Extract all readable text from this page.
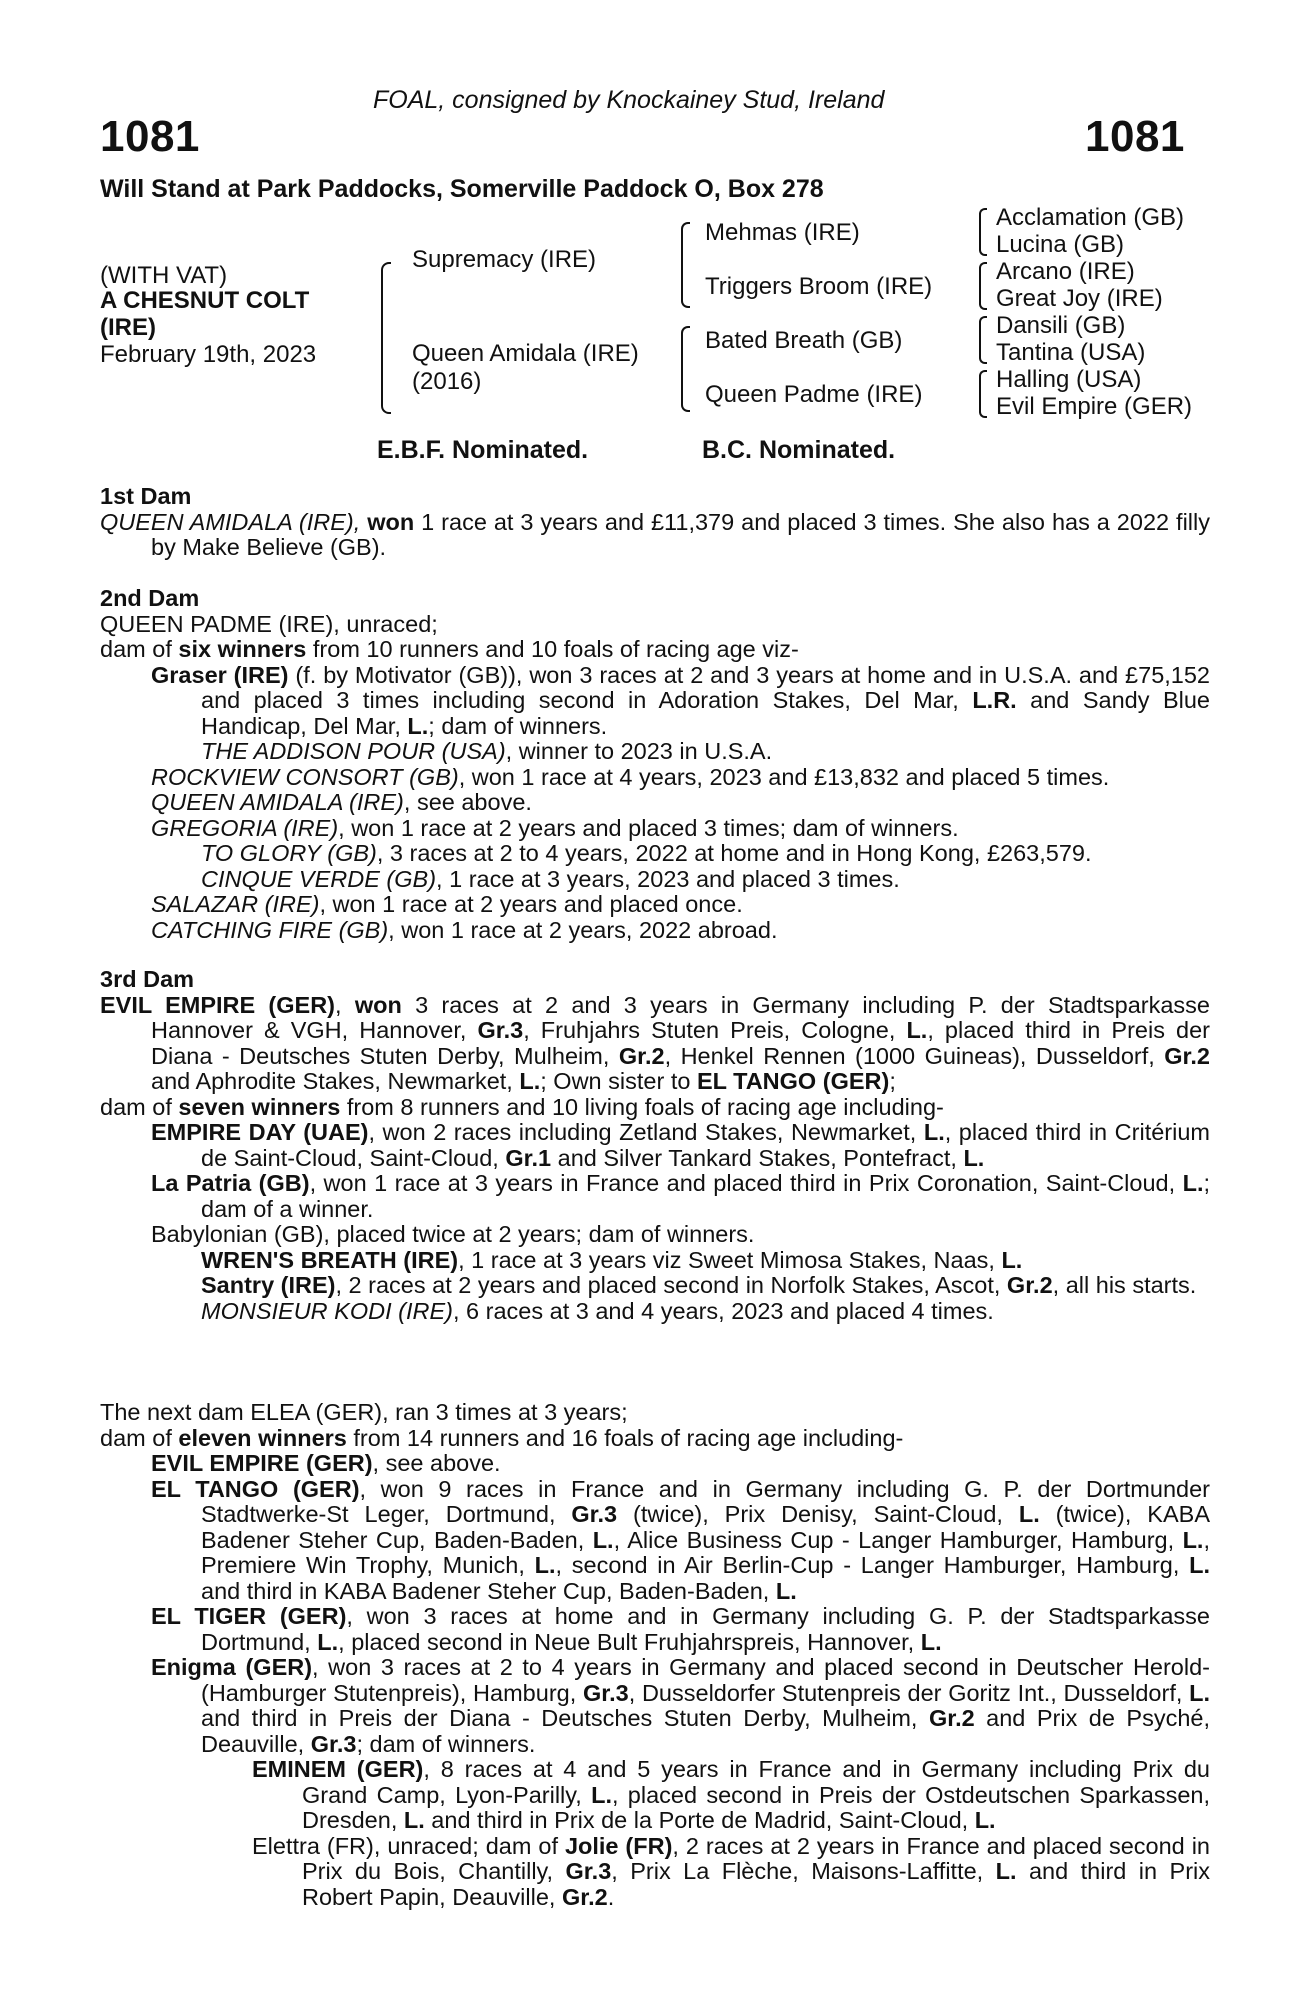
FOAL, consigned by Knockainey Stud, Ireland
1081	1081
Will Stand at Park Paddocks, Somerville Paddock O, Box 278
(WITH VAT)
A CHESNUT COLT
(IRE)
February 19th, 2023
Supremacy (IRE)
Queen Amidala (IRE)
(2016)
Mehmas (IRE)
Triggers Broom (IRE)
Bated Breath (GB)
Queen Padme (IRE)
Acclamation (GB)
Lucina (GB)
Arcano (IRE)
Great Joy (IRE)
Dansili (GB)
Tantina (USA)
Halling (USA)
Evil Empire (GER)
E.B.F. Nominated.	B.C. Nominated.

1st Dam

QUEEN AMIDALA (IRE), won 1 race at 3 years and £11,379 and placed 3 times. She also has a 2022 filly by Make Believe (GB).

2nd Dam

QUEEN PADME (IRE), unraced;

dam of six winners from 10 runners and 10 foals of racing age viz-

Graser (IRE) (f. by Motivator (GB)), won 3 races at 2 and 3 years at home and in U.S.A. and £75,152 and placed 3 times including second in Adoration Stakes, Del Mar, L.R. and Sandy Blue Handicap, Del Mar, L.; dam of winners.

THE ADDISON POUR (USA), winner to 2023 in U.S.A.

ROCKVIEW CONSORT (GB), won 1 race at 4 years, 2023 and £13,832 and placed 5 times.

QUEEN AMIDALA (IRE), see above.

GREGORIA (IRE), won 1 race at 2 years and placed 3 times; dam of winners.

TO GLORY (GB), 3 races at 2 to 4 years, 2022 at home and in Hong Kong, £263,579.

CINQUE VERDE (GB), 1 race at 3 years, 2023 and placed 3 times.

SALAZAR (IRE), won 1 race at 2 years and placed once.

CATCHING FIRE (GB), won 1 race at 2 years, 2022 abroad.

3rd Dam

EVIL EMPIRE (GER), won 3 races at 2 and 3 years in Germany including P. der Stadtsparkasse Hannover & VGH, Hannover, Gr.3, Fruhjahrs Stuten Preis, Cologne, L., placed third in Preis der Diana - Deutsches Stuten Derby, Mulheim, Gr.2, Henkel Rennen (1000 Guineas), Dusseldorf, Gr.2 and Aphrodite Stakes, Newmarket, L.; Own sister to EL TANGO (GER);

dam of seven winners from 8 runners and 10 living foals of racing age including-

EMPIRE DAY (UAE), won 2 races including Zetland Stakes, Newmarket, L., placed third in Critérium de Saint-Cloud, Saint-Cloud, Gr.1 and Silver Tankard Stakes, Pontefract, L.

La Patria (GB), won 1 race at 3 years in France and placed third in Prix Coronation, Saint-Cloud, L.; dam of a winner.

Babylonian (GB), placed twice at 2 years; dam of winners.

WREN'S BREATH (IRE), 1 race at 3 years viz Sweet Mimosa Stakes, Naas, L.

Santry (IRE), 2 races at 2 years and placed second in Norfolk Stakes, Ascot, Gr.2, all his starts.

MONSIEUR KODI (IRE), 6 races at 3 and 4 years, 2023 and placed 4 times.

The next dam ELEA (GER), ran 3 times at 3 years;

dam of eleven winners from 14 runners and 16 foals of racing age including-

EVIL EMPIRE (GER), see above.

EL TANGO (GER), won 9 races in France and in Germany including G. P. der Dortmunder Stadtwerke-St Leger, Dortmund, Gr.3 (twice), Prix Denisy, Saint-Cloud, L. (twice), KABA Badener Steher Cup, Baden-Baden, L., Alice Business Cup - Langer Hamburger, Hamburg, L., Premiere Win Trophy, Munich, L., second in Air Berlin-Cup - Langer Hamburger, Hamburg, L. and third in KABA Badener Steher Cup, Baden-Baden, L.

EL TIGER (GER), won 3 races at home and in Germany including G. P. der Stadtsparkasse Dortmund, L., placed second in Neue Bult Fruhjahrspreis, Hannover, L.

Enigma (GER), won 3 races at 2 to 4 years in Germany and placed second in Deutscher Herold-(Hamburger Stutenpreis), Hamburg, Gr.3, Dusseldorfer Stutenpreis der Goritz Int., Dusseldorf, L. and third in Preis der Diana - Deutsches Stuten Derby, Mulheim, Gr.2 and Prix de Psyché, Deauville, Gr.3; dam of winners.

EMINEM (GER), 8 races at 4 and 5 years in France and in Germany including Prix du Grand Camp, Lyon-Parilly, L., placed second in Preis der Ostdeutschen Sparkassen, Dresden, L. and third in Prix de la Porte de Madrid, Saint-Cloud, L.

Elettra (FR), unraced; dam of Jolie (FR), 2 races at 2 years in France and placed second in Prix du Bois, Chantilly, Gr.3, Prix La Flèche, Maisons-Laffitte, L. and third in Prix Robert Papin, Deauville, Gr.2.
